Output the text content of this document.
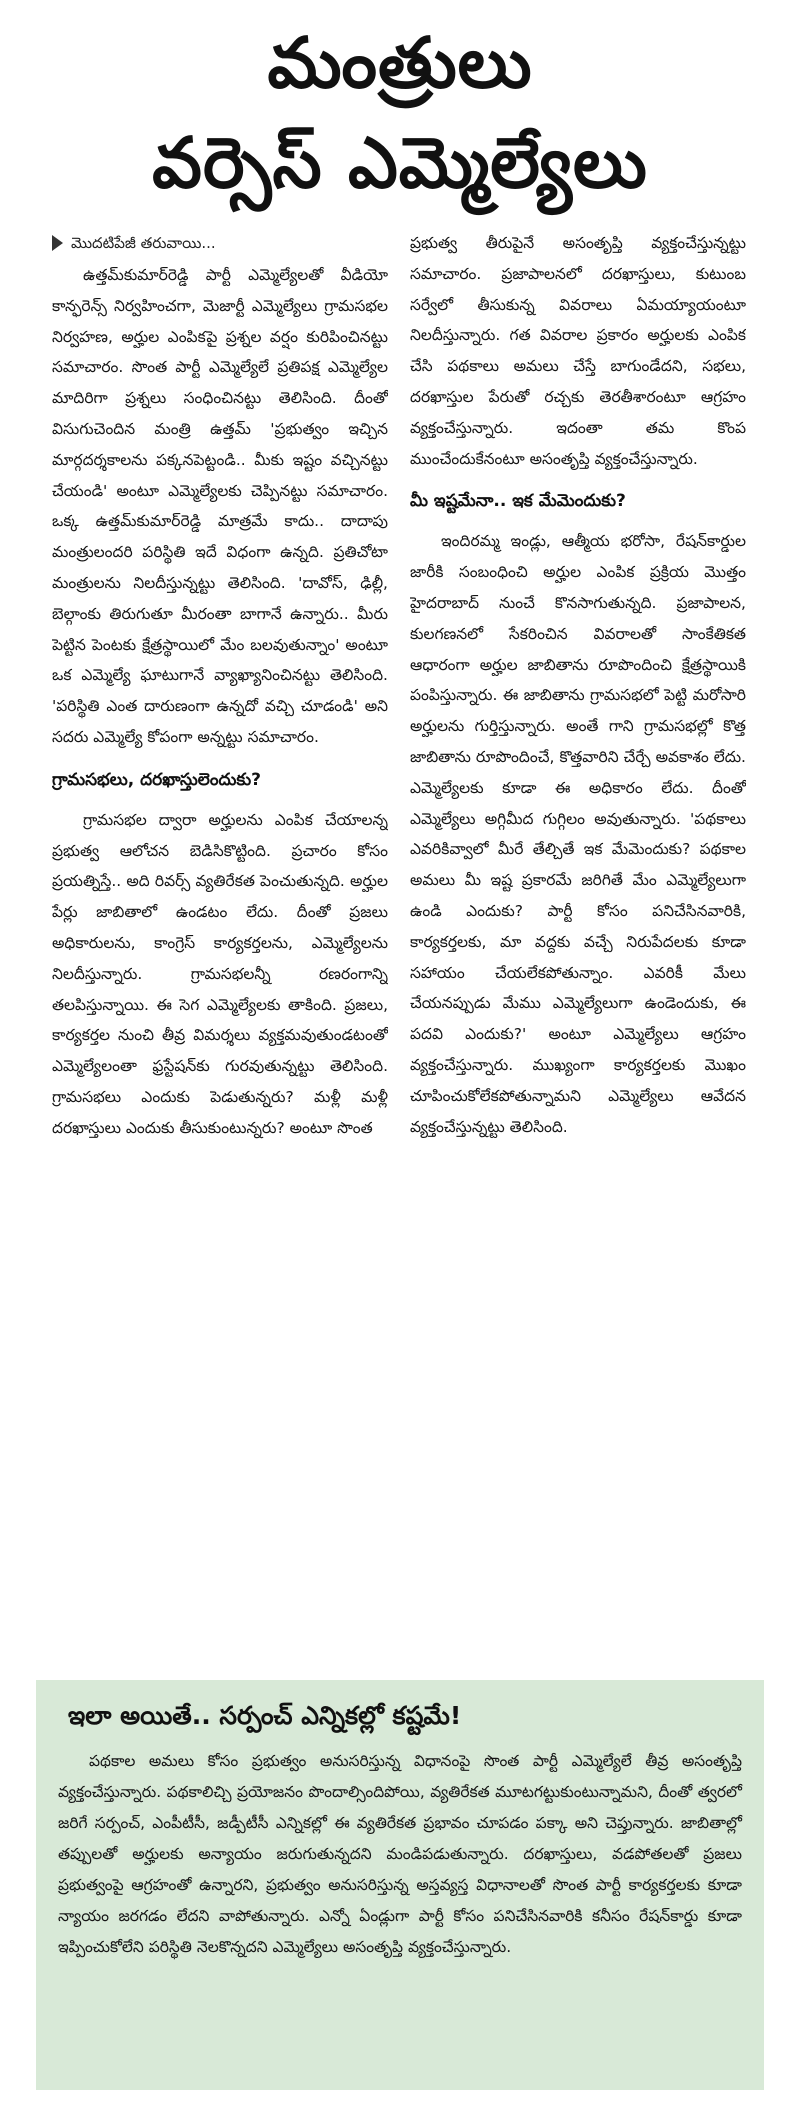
మంత్రులు
వర్సెస్ ఎమ్మెల్యేలు
మొదటిపేజీ తరువాయి...

ఉత్తమ్‌కుమార్‌రెడ్డి పార్టీ ఎమ్మెల్యేలతో వీడియో కాన్ఫరెన్స్ నిర్వహించగా, మెజార్టీ ఎమ్మెల్యేలు గ్రామసభల నిర్వహణ, అర్హుల ఎంపికపై ప్రశ్నల వర్షం కురిపించినట్టు సమాచారం. సొంత పార్టీ ఎమ్మెల్యేలే ప్రతిపక్ష ఎమ్మెల్యేల మాదిరిగా ప్రశ్నలు సంధించినట్టు తెలిసింది. దీంతో విసుగుచెందిన మంత్రి ఉత్తమ్ 'ప్రభుత్వం ఇచ్చిన మార్గదర్శకాలను పక్కనపెట్టండి.. మీకు ఇష్టం వచ్చినట్టు చేయండి' అంటూ ఎమ్మెల్యేలకు చెప్పినట్టు సమాచారం. ఒక్క ఉత్తమ్‌కుమార్‌రెడ్డి మాత్రమే కాదు.. దాదాపు మంత్రులందరి పరిస్థితి ఇదే విధంగా ఉన్నది. ప్రతిచోటా మంత్రులను నిలదీస్తున్నట్టు తెలిసింది. 'దావోస్, ఢిల్లీ, బెల్గాంకు తిరుగుతూ మీరంతా బాగానే ఉన్నారు.. మీరు పెట్టిన పెంటకు క్షేత్రస్థాయిలో మేం బలవుతున్నాం' అంటూ ఒక ఎమ్మెల్యే ఘాటుగానే వ్యాఖ్యానించినట్టు తెలిసింది. 'పరిస్థితి ఎంత దారుణంగా ఉన్నదో వచ్చి చూడండి' అని సదరు ఎమ్మెల్యే కోపంగా అన్నట్టు సమాచారం.

గ్రామసభలు, దరఖాస్తులెందుకు?

గ్రామసభల ద్వారా అర్హులను ఎంపిక చేయాలన్న ప్రభుత్వ ఆలోచన బెడిసికొట్టింది. ప్రచారం కోసం ప్రయత్నిస్తే.. అది రివర్స్ వ్యతిరేకత పెంచుతున్నది. అర్హుల పేర్లు జాబితాలో ఉండటం లేదు. దీంతో ప్రజలు అధికారులను, కాంగ్రెస్ కార్యకర్తలను, ఎమ్మెల్యేలను నిలదీస్తున్నారు. గ్రామసభలన్నీ రణరంగాన్ని తలపిస్తున్నాయి. ఈ సెగ ఎమ్మెల్యేలకు తాకింది. ప్రజలు, కార్యకర్తల నుంచి తీవ్ర విమర్శలు వ్యక్తమవుతుండటంతో ఎమ్మెల్యేలంతా ఫ్రస్టేషన్‌కు గురవుతున్నట్టు తెలిసింది. గ్రామసభలు ఎందుకు పెడుతున్నరు? మళ్లీ మళ్లీ దరఖాస్తులు ఎందుకు తీసుకుంటున్నరు? అంటూ సొంత

ప్రభుత్వ తీరుపైనే అసంతృప్తి వ్యక్తంచేస్తున్నట్టు సమాచారం. ప్రజాపాలనలో దరఖాస్తులు, కుటుంబ సర్వేలో తీసుకున్న వివరాలు ఏమయ్యాయంటూ నిలదీస్తున్నారు. గత వివరాల ప్రకారం అర్హులకు ఎంపిక చేసి పథకాలు అమలు చేస్తే బాగుండేదని, సభలు, దరఖాస్తుల పేరుతో రచ్చకు తెరతీశారంటూ ఆగ్రహం వ్యక్తంచేస్తున్నారు. ఇదంతా తమ కొంప ముంచేందుకేనంటూ అసంతృప్తి వ్యక్తంచేస్తున్నారు.

మీ ఇష్టమేనా.. ఇక మేమెందుకు?

ఇందిరమ్మ ఇండ్లు, ఆత్మీయ భరోసా, రేషన్‌కార్డుల జారీకి సంబంధించి అర్హుల ఎంపిక ప్రక్రియ మొత్తం హైదరాబాద్ నుంచే కొనసాగుతున్నది. ప్రజాపాలన, కులగణనలో సేకరించిన వివరాలతో సాంకేతికత ఆధారంగా అర్హుల జాబితాను రూపొందించి క్షేత్రస్థాయికి పంపిస్తున్నారు. ఈ జాబితాను గ్రామసభలో పెట్టి మరోసారి అర్హులను గుర్తిస్తున్నారు. అంతే గాని గ్రామసభల్లో కొత్త జాబితాను రూపొందించే, కొత్తవారిని చేర్చే అవకాశం లేదు. ఎమ్మెల్యేలకు కూడా ఈ అధికారం లేదు. దీంతో ఎమ్మెల్యేలు అగ్గిమీద గుగ్గిలం అవుతున్నారు. 'పథకాలు ఎవరికివ్వాలో మీరే తేల్చితే ఇక మేమెందుకు? పథకాల అమలు మీ ఇష్ట ప్రకారమే జరిగితే మేం ఎమ్మెల్యేలుగా ఉండి ఎందుకు? పార్టీ కోసం పనిచేసినవారికి, కార్యకర్తలకు, మా వద్దకు వచ్చే నిరుపేదలకు కూడా సహాయం చేయలేకపోతున్నాం. ఎవరికీ మేలు చేయనప్పుడు మేము ఎమ్మెల్యేలుగా ఉండెందుకు, ఈ పదవి ఎందుకు?' అంటూ ఎమ్మెల్యేలు ఆగ్రహం వ్యక్తంచేస్తున్నారు. ముఖ్యంగా కార్యకర్తలకు మొఖం చూపించుకోలేకపోతున్నామని ఎమ్మెల్యేలు ఆవేదన వ్యక్తంచేస్తున్నట్టు తెలిసింది.

ఇలా అయితే.. సర్పంచ్ ఎన్నికల్లో కష్టమే!

పథకాల అమలు కోసం ప్రభుత్వం అనుసరిస్తున్న విధానంపై సొంత పార్టీ ఎమ్మెల్యేలే తీవ్ర అసంతృప్తి వ్యక్తంచేస్తున్నారు. పథకాలిచ్చి ప్రయోజనం పొందాల్సిందిపోయి, వ్యతిరేకత మూటగట్టుకుంటున్నామని, దీంతో త్వరలో జరిగే సర్పంచ్, ఎంపీటీసీ, జడ్పీటీసీ ఎన్నికల్లో ఈ వ్యతిరేకత ప్రభావం చూపడం పక్కా అని చెప్తున్నారు. జాబితాల్లో తప్పులతో అర్హులకు అన్యాయం జరుగుతున్నదని మండిపడుతున్నారు. దరఖాస్తులు, వడపోతలతో ప్రజలు ప్రభుత్వంపై ఆగ్రహంతో ఉన్నారని, ప్రభుత్వం అనుసరిస్తున్న అస్తవ్యస్త విధానాలతో సొంత పార్టీ కార్యకర్తలకు కూడా న్యాయం జరగడం లేదని వాపోతున్నారు. ఎన్నో ఏండ్లుగా పార్టీ కోసం పనిచేసినవారికి కనీసం రేషన్‌కార్డు కూడా ఇప్పించుకోలేని పరిస్థితి నెలకొన్నదని ఎమ్మెల్యేలు అసంతృప్తి వ్యక్తంచేస్తున్నారు.
